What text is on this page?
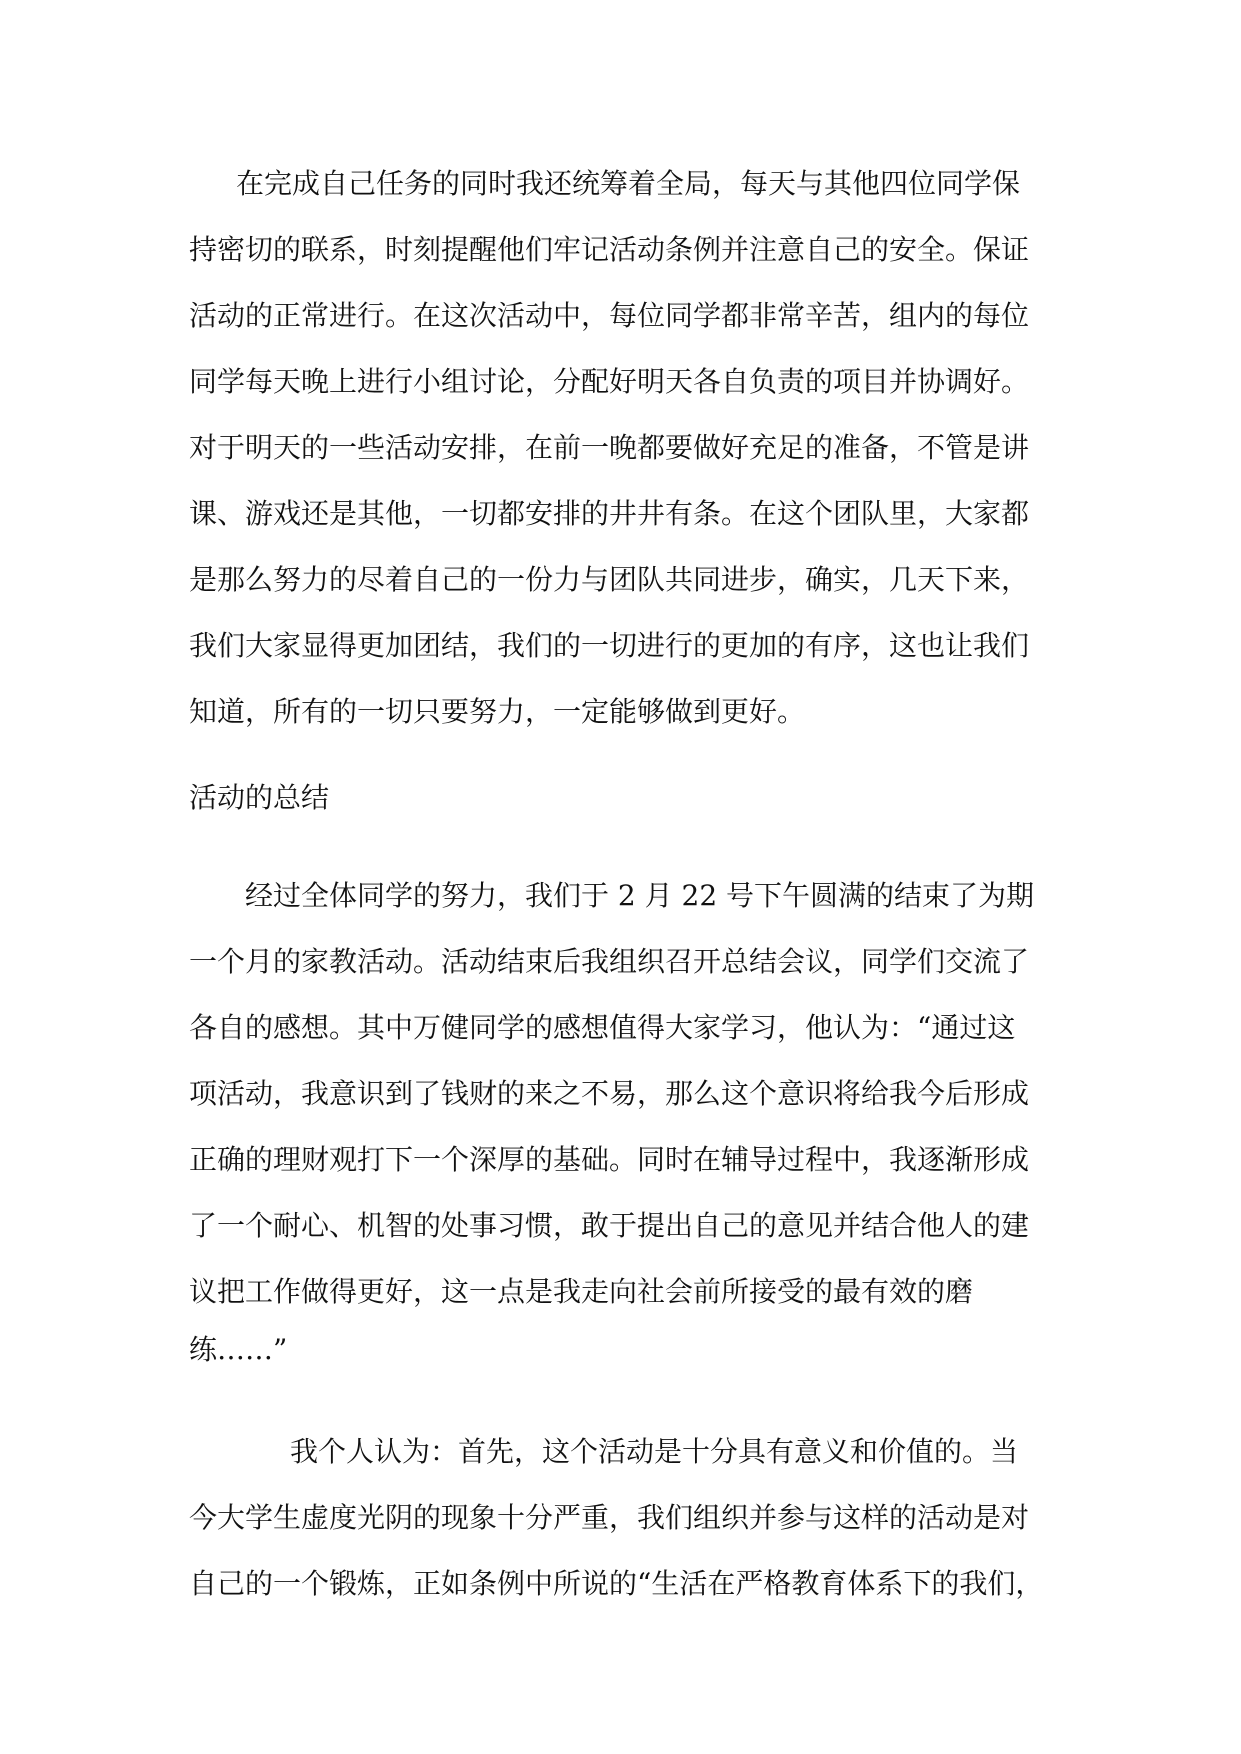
在完成自己任务的同时我还统筹着全局，每天与其他四位同学保

持密切的联系，时刻提醒他们牢记活动条例并注意自己的安全。保证

活动的正常进行。在这次活动中，每位同学都非常辛苦，组内的每位

同学每天晚上进行小组讨论，分配好明天各自负责的项目并协调好。

对于明天的一些活动安排，在前一晚都要做好充足的准备，不管是讲

课、游戏还是其他，一切都安排的井井有条。在这个团队里，大家都

是那么努力的尽着自己的一份力与团队共同进步，确实，几天下来，

我们大家显得更加团结，我们的一切进行的更加的有序，这也让我们

知道，所有的一切只要努力，一定能够做到更好。

活动的总结

经过全体同学的努力，我们于 2 月 22 号下午圆满的结束了为期

一个月的家教活动。活动结束后我组织召开总结会议，同学们交流了

各自的感想。其中万健同学的感想值得大家学习，他认为：“通过这

项活动，我意识到了钱财的来之不易，那么这个意识将给我今后形成

正确的理财观打下一个深厚的基础。同时在辅导过程中，我逐渐形成

了一个耐心、机智的处事习惯，敢于提出自己的意见并结合他人的建

议把工作做得更好，这一点是我走向社会前所接受的最有效的磨

练……”

我个人认为：首先，这个活动是十分具有意义和价值的。当

今大学生虚度光阴的现象十分严重，我们组织并参与这样的活动是对

自己的一个锻炼，正如条例中所说的“生活在严格教育体系下的我们，
